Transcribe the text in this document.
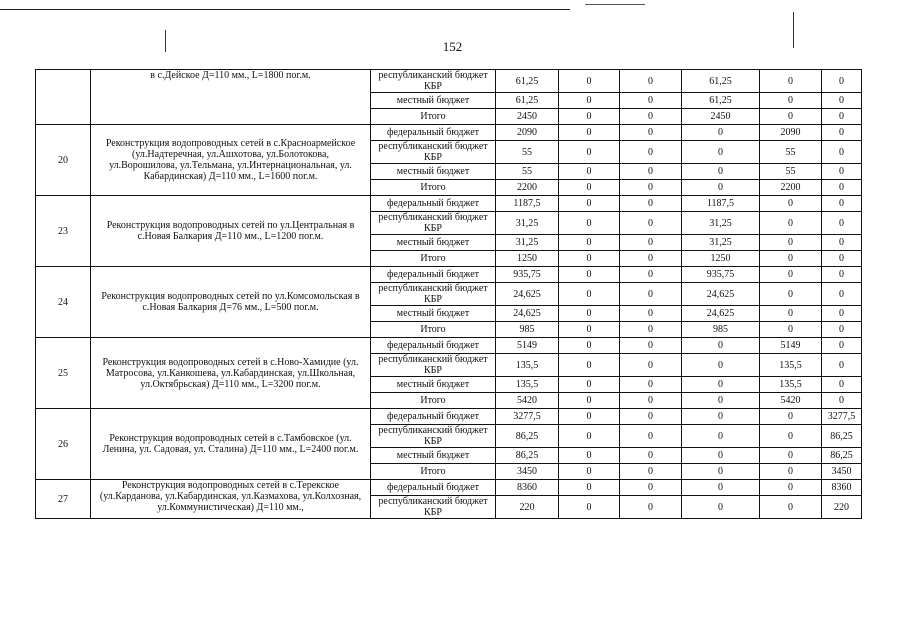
152
	в с.Дейское Д=110 мм., L=1800 пог.м.	республиканский бюджет КБР	61,25	0	0	61,25	0	0
		местный бюджет	61,25	0	0	61,25	0	0
		Итого	2450	0	0	2450	0	0
20	Реконструкция водопроводных сетей в с.Красноармейское (ул.Надтеречная, ул.Ашхотова, ул.Болотокова, ул.Ворошилова, ул.Тельмана, ул.Интернациональная, ул. Кабардинская) Д=110 мм., L=1600 пог.м.	федеральный бюджет	2090	0	0	0	2090	0
		республиканский бюджет КБР	55	0	0	0	55	0
		местный бюджет	55	0	0	0	55	0
		Итого	2200	0	0	0	2200	0
23	Реконструкция водопроводных сетей по ул.Центральная в с.Новая Балкария Д=110 мм., L=1200 пог.м.	федеральный бюджет	1187,5	0	0	1187,5	0	0
		республиканский бюджет КБР	31,25	0	0	31,25	0	0
		местный бюджет	31,25	0	0	31,25	0	0
		Итого	1250	0	0	1250	0	0
24	Реконструкция водопроводных сетей по ул.Комсомольская в с.Новая Балкария Д=76 мм., L=500 пог.м.	федеральный бюджет	935,75	0	0	935,75	0	0
		республиканский бюджет КБР	24,625	0	0	24,625	0	0
		местный бюджет	24,625	0	0	24,625	0	0
		Итого	985	0	0	985	0	0
25	Реконструкция водопроводных сетей в с.Ново-Хамидие (ул. Матросова, ул.Канкошева, ул.Кабардинская, ул.Школьная, ул.Октябрьская) Д=110 мм., L=3200 пог.м.	федеральный бюджет	5149	0	0	0	5149	0
		республиканский бюджет КБР	135,5	0	0	0	135,5	0
		местный бюджет	135,5	0	0	0	135,5	0
		Итого	5420	0	0	0	5420	0
26	Реконструкция водопроводных сетей в с.Тамбовское (ул. Ленина, ул. Садовая, ул. Сталина) Д=110 мм., L=2400 пог.м.	федеральный бюджет	3277,5	0	0	0	0	3277,5
		республиканский бюджет КБР	86,25	0	0	0	0	86,25
		местный бюджет	86,25	0	0	0	0	86,25
		Итого	3450	0	0	0	0	3450
27	Реконструкция водопроводных сетей в с.Терекское (ул.Карданова, ул.Кабардинская, ул.Казмахова, ул.Колхозная, ул.Коммунистическая) Д=110 мм.,	федеральный бюджет	8360	0	0	0	0	8360
		республиканский бюджет КБР	220	0	0	0	0	220
